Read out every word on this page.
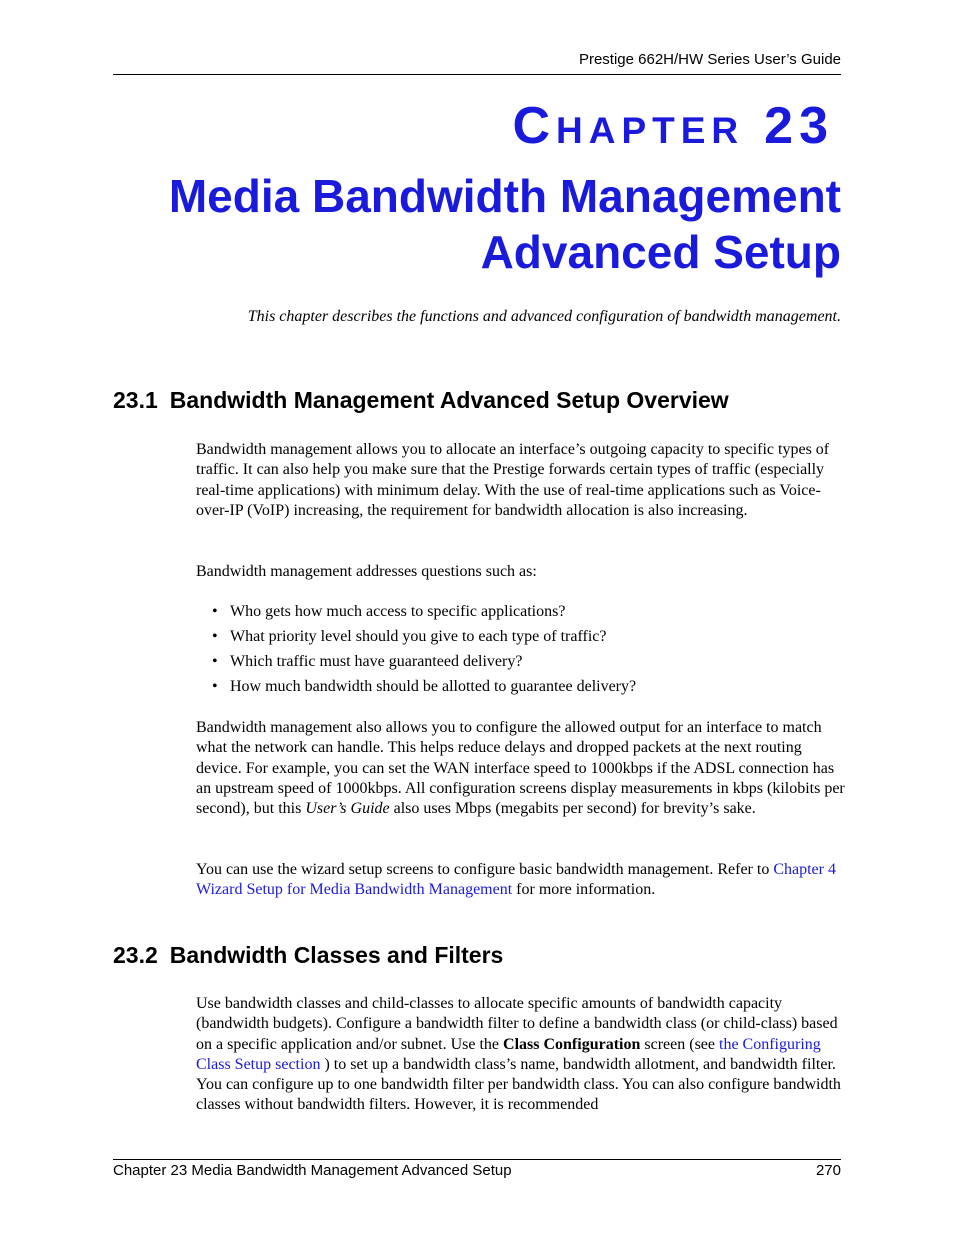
Prestige 662H/HW Series User’s Guide
CHAPTER 23
Media Bandwidth Management
Advanced Setup
This chapter describes the functions and advanced configuration of bandwidth management.
23.1 Bandwidth Management Advanced Setup Overview
Bandwidth management allows you to allocate an interface’s outgoing capacity to specific types of traffic. It can also help you make sure that the Prestige forwards certain types of traffic (especially real-time applications) with minimum delay. With the use of real-time applications such as Voice-over-IP (VoIP) increasing, the requirement for bandwidth allocation is also increasing.
Bandwidth management addresses questions such as:
• Who gets how much access to specific applications?
• What priority level should you give to each type of traffic?
• Which traffic must have guaranteed delivery?
• How much bandwidth should be allotted to guarantee delivery?
Bandwidth management also allows you to configure the allowed output for an interface to match what the network can handle. This helps reduce delays and dropped packets at the next routing device. For example, you can set the WAN interface speed to 1000kbps if the ADSL connection has an upstream speed of 1000kbps. All configuration screens display measurements in kbps (kilobits per second), but this User’s Guide also uses Mbps (megabits per second) for brevity’s sake.
You can use the wizard setup screens to configure basic bandwidth management. Refer to Chapter 4 Wizard Setup for Media Bandwidth Management for more information.
23.2 Bandwidth Classes and Filters
Use bandwidth classes and child-classes to allocate specific amounts of bandwidth capacity (bandwidth budgets). Configure a bandwidth filter to define a bandwidth class (or child-class) based on a specific application and/or subnet. Use the Class Configuration screen (see the Configuring Class Setup section ) to set up a bandwidth class’s name, bandwidth allotment, and bandwidth filter. You can configure up to one bandwidth filter per bandwidth class. You can also configure bandwidth classes without bandwidth filters. However, it is recommended
Chapter 23 Media Bandwidth Management Advanced Setup	270
